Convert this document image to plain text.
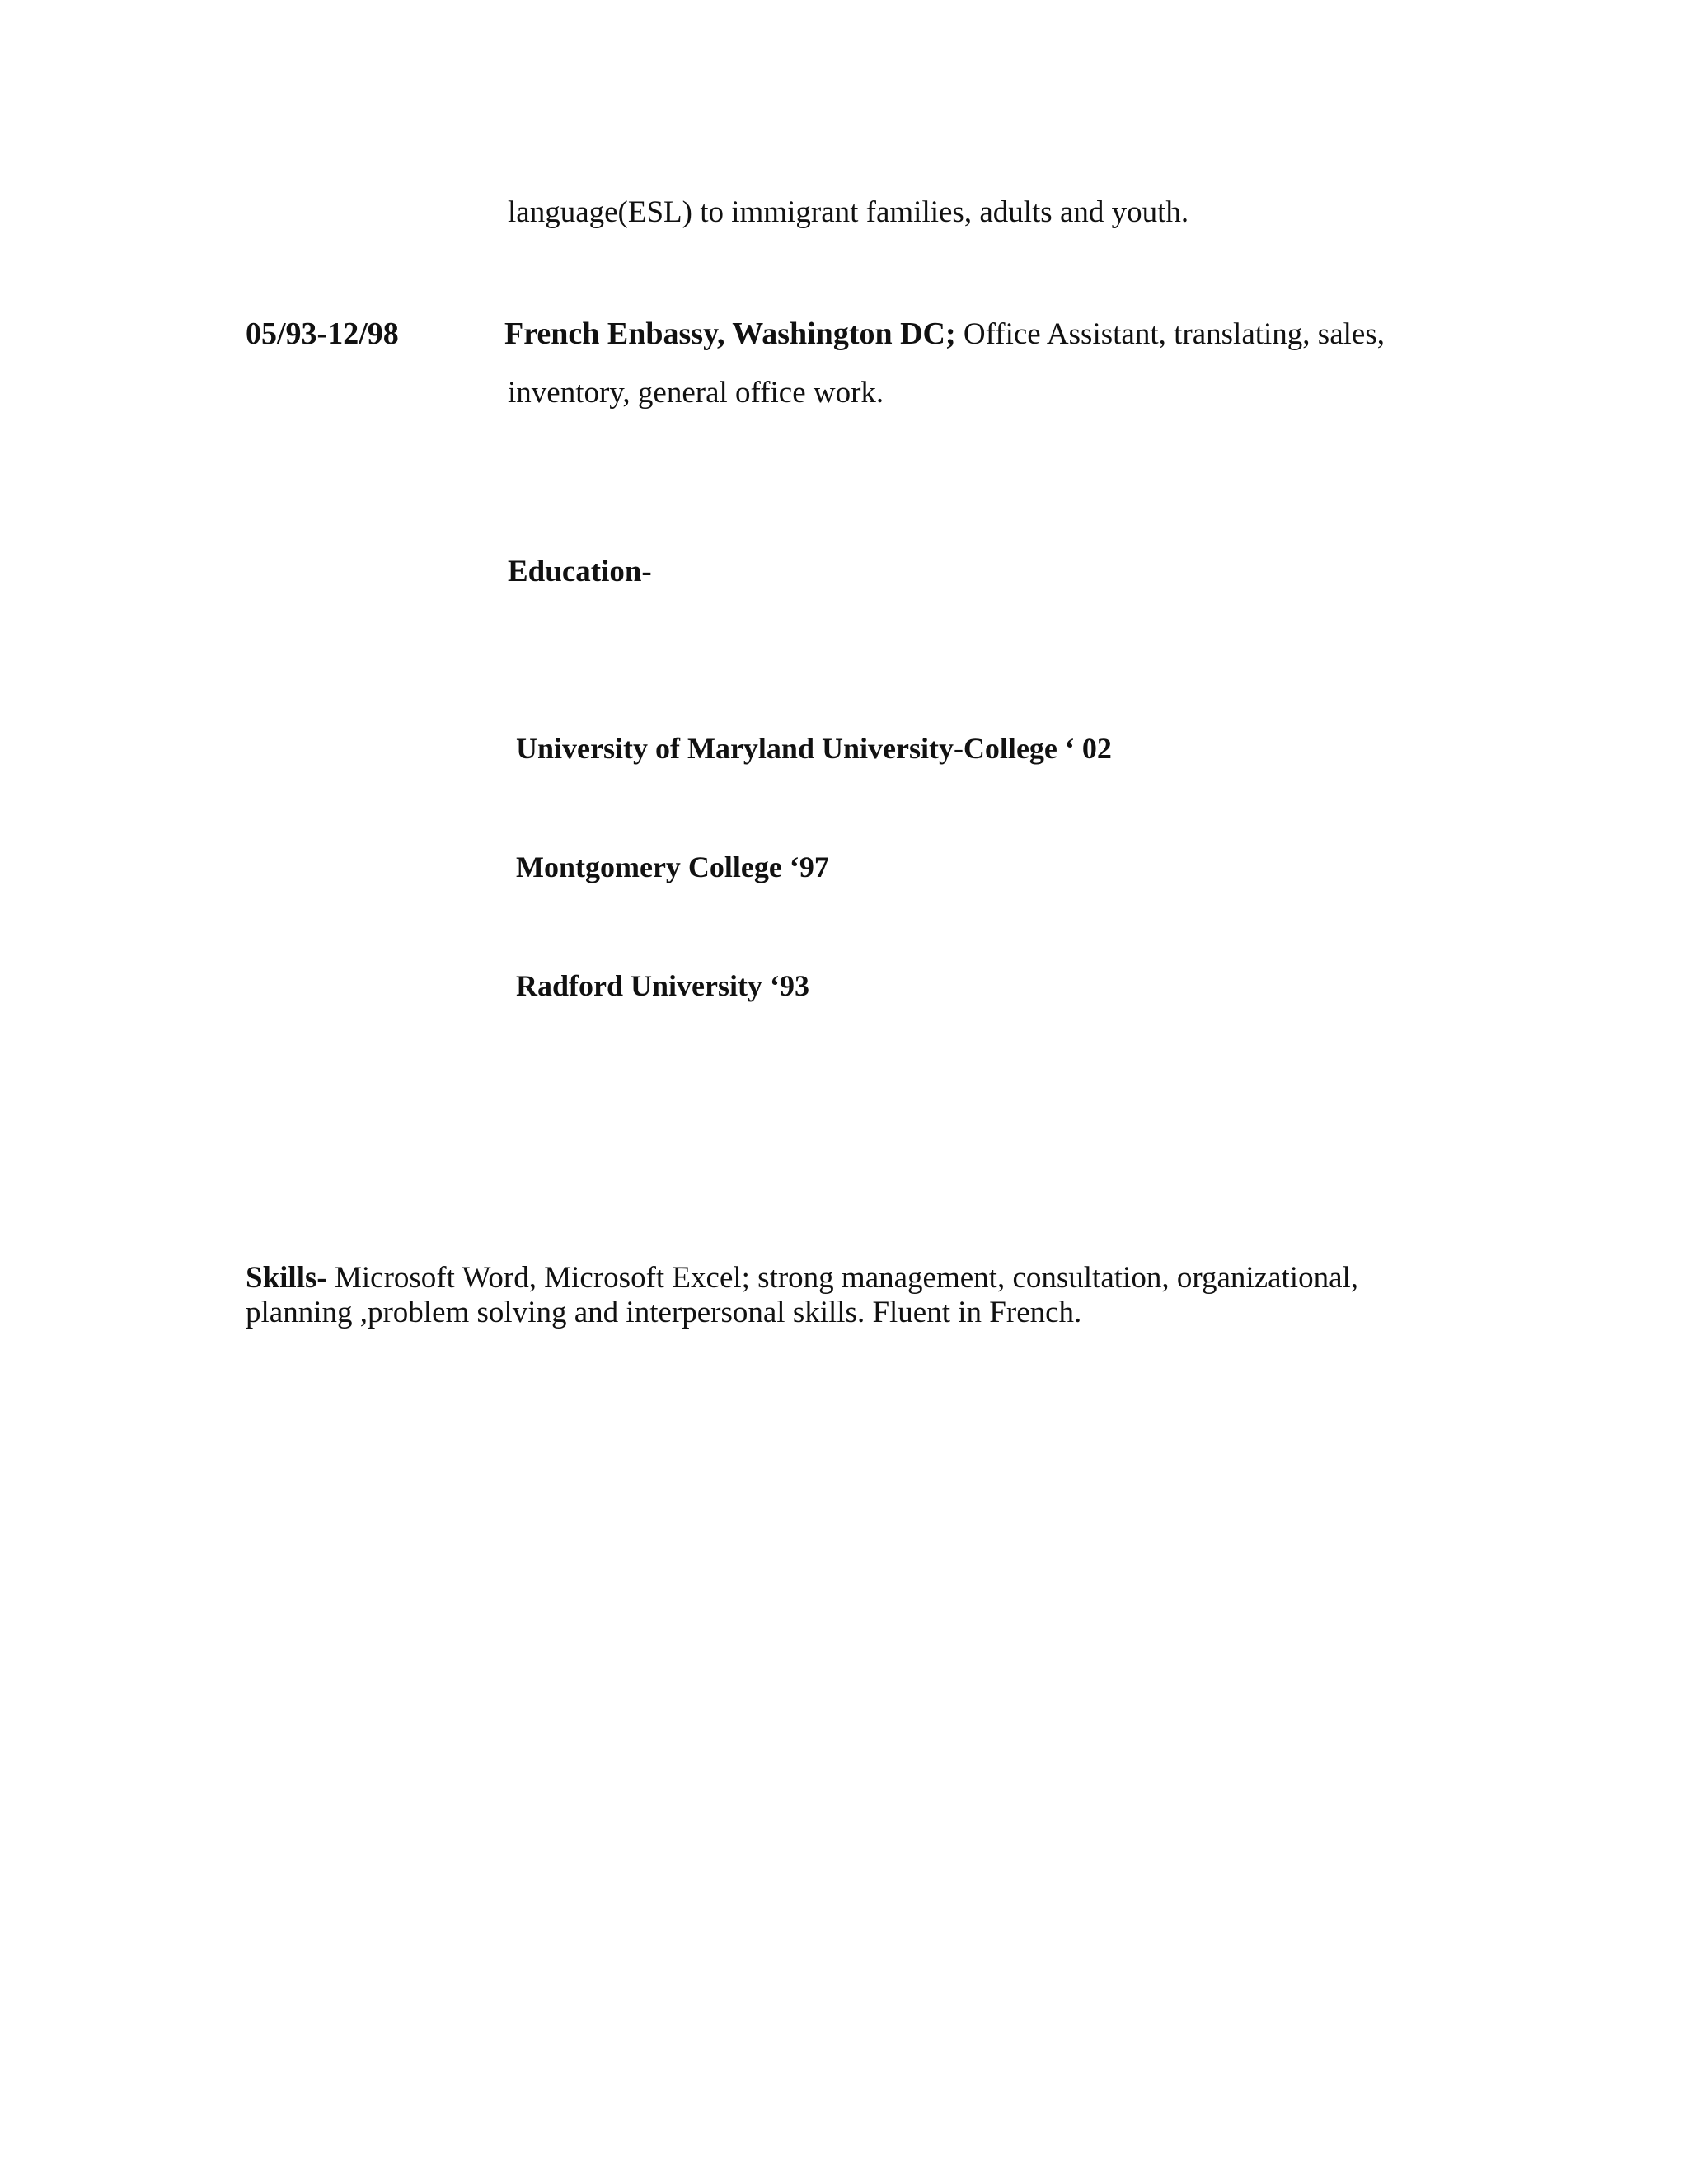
language(ESL) to immigrant families, adults and youth.
05/93-12/98	French Enbassy, Washington DC; Office Assistant, translating, sales,
inventory, general office work.
Education-
University of Maryland University-College ‘ 02
Montgomery College ‘97
Radford University ‘93
Skills- Microsoft Word, Microsoft Excel; strong management, consultation, organizational,
planning ,problem solving and interpersonal skills. Fluent in French.
